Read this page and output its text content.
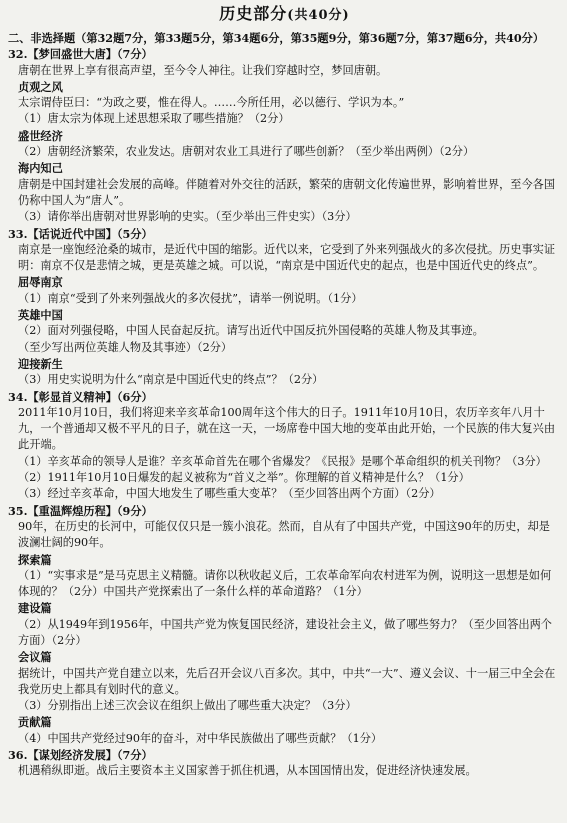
历史部分(共40分)

二、非选择题（第32题7分，第33题5分，第34题6分，第35题9分，第36题7分，第37题6分，共40分）

32.【梦回盛世大唐】（7分）

唐朝在世界上享有很高声望，至今令人神往。让我们穿越时空，梦回唐朝。

贞观之风

太宗谓侍臣曰：“为政之要，惟在得人。……今所任用，必以德行、学识为本。”

（1）唐太宗为体现上述思想采取了哪些措施？（2分）

盛世经济

（2）唐朝经济繁荣，农业发达。唐朝对农业工具进行了哪些创新？（至少举出两例）（2分）

海内知己

唐朝是中国封建社会发展的高峰。伴随着对外交往的活跃，繁荣的唐朝文化传遍世界，影响着世界，至今各国仍称中国人为“唐人”。

（3）请你举出唐朝对世界影响的史实。（至少举出三件史实）（3分）

33.【话说近代中国】（5分）

南京是一座饱经沧桑的城市，是近代中国的缩影。近代以来，它受到了外来列强战火的多次侵扰。历史事实证明：南京不仅是悲情之城，更是英雄之城。可以说，“南京是中国近代史的起点，也是中国近代史的终点”。

屈辱南京

（1）南京“受到了外来列强战火的多次侵扰”，请举一例说明。（1分）

英雄中国

（2）面对列强侵略，中国人民奋起反抗。请写出近代中国反抗外国侵略的英雄人物及其事迹。

（至少写出两位英雄人物及其事迹）（2分）

迎接新生

（3）用史实说明为什么“南京是中国近代史的终点”？（2分）

34.【彰显首义精神】（6分）

2011年10月10日，我们将迎来辛亥革命100周年这个伟大的日子。1911年10月10日，农历辛亥年八月十九，一个普通却又极不平凡的日子，就在这一天，一场席卷中国大地的变革由此开始，一个民族的伟大复兴由此开端。

（1）辛亥革命的领导人是谁？辛亥革命首先在哪个省爆发？《民报》是哪个革命组织的机关刊物？（3分）

（2）1911年10月10日爆发的起义被称为“首义之举”。你理解的首义精神是什么？（1分）

（3）经过辛亥革命，中国大地发生了哪些重大变革？（至少回答出两个方面）（2分）

35.【重温辉煌历程】（9分）

90年，在历史的长河中，可能仅仅只是一簇小浪花。然而，自从有了中国共产党，中国这90年的历史，却是波澜壮阔的90年。

探索篇

（1）“实事求是”是马克思主义精髓。请你以秋收起义后，工农革命军向农村进军为例，说明这一思想是如何体现的？（2分）中国共产党探索出了一条什么样的革命道路？（1分）

建设篇

（2）从1949年到1956年，中国共产党为恢复国民经济，建设社会主义，做了哪些努力？（至少回答出两个方面）（2分）

会议篇

据统计，中国共产党自建立以来，先后召开会议八百多次。其中，中共“一大”、遵义会议、十一届三中全会在我党历史上都具有划时代的意义。

（3）分别指出上述三次会议在组织上做出了哪些重大决定？（3分）

贡献篇

（4）中国共产党经过90年的奋斗，对中华民族做出了哪些贡献？（1分）

36.【谋划经济发展】（7分）

机遇稍纵即逝。战后主要资本主义国家善于抓住机遇，从本国国情出发，促进经济快速发展。
